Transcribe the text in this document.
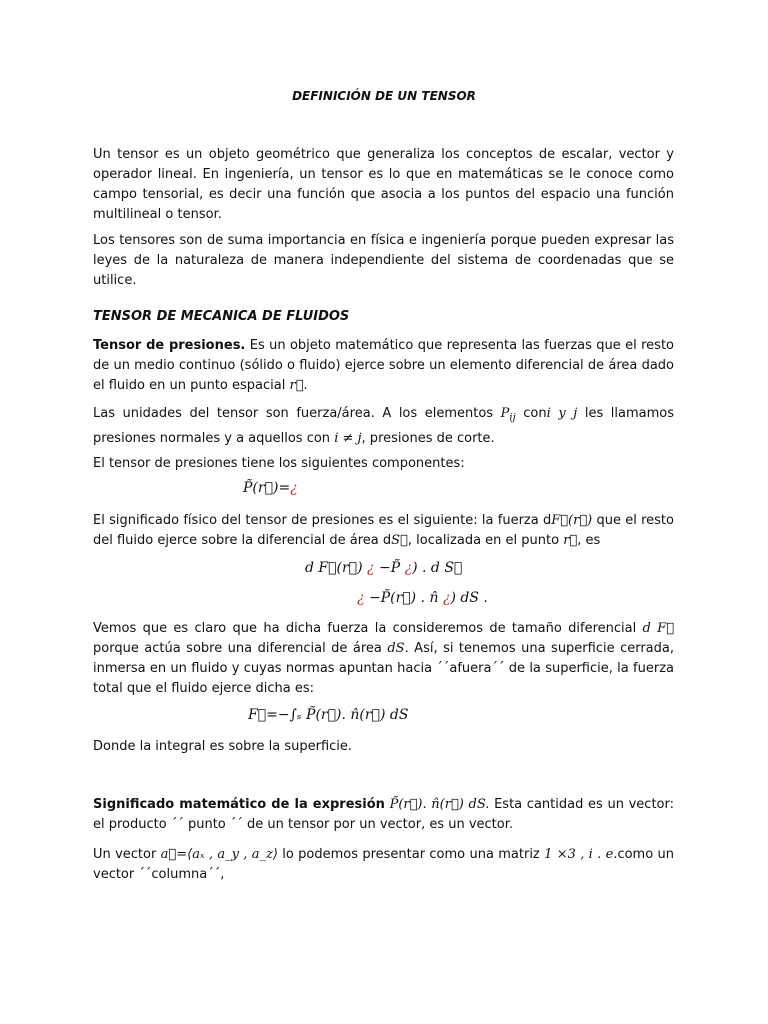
DEFINICIÓN DE UN TENSOR
Un tensor es un objeto geométrico que generaliza los conceptos de escalar, vector y operador lineal. En ingeniería, un tensor es lo que en matemáticas se le conoce como campo tensorial, es decir una función que asocia a los puntos del espacio una función multilineal o tensor.
Los tensores son de suma importancia en física e ingeniería porque pueden expresar las leyes de la naturaleza de manera independiente del sistema de coordenadas que se utilice.
TENSOR DE MECANICA DE FLUIDOS
Tensor de presiones. Es un objeto matemático que representa las fuerzas que el resto de un medio continuo (sólido o fluido) ejerce sobre un elemento diferencial de área dado el fluido en un punto espacial r⃗.
Las unidades del tensor son fuerza/área. A los elementos $P_{ij}$ coni y j les llamamos presiones normales y a aquellos con i ≠ j, presiones de corte.
El tensor de presiones tiene los siguientes componentes:
P̃(r⃗)=¿
El significado físico del tensor de presiones es el siguiente: la fuerza dF⃗(r⃗) que el resto del fluido ejerce sobre la diferencial de área dS⃗, localizada en el punto r⃗, es
d F⃗(r⃗) ¿ −P̃ ¿) . d S⃗
¿ −P̃(r⃗) . n̂ ¿) dS .
Vemos que es claro que ha dicha fuerza la consideremos de tamaño diferencial d F⃗ porque actúa sobre una diferencial de área dS. Así, si tenemos una superficie cerrada, inmersa en un fluido y cuyas normas apuntan hacia ´´afuera´´ de la superficie, la fuerza total que el fluido ejerce dicha es:
F⃗=−∫ₛ P̃(r⃗). n̂(r⃗) dS
Donde la integral es sobre la superficie.
Significado matemático de la expresión P̃(r⃗). n̂(r⃗) dS. Esta cantidad es un vector: el producto ´´ punto ´´ de un tensor por un vector, es un vector.
Un vector a⃗=⟨aₓ , a_y , a_z⟩ lo podemos presentar como una matriz 1 ×3 , i . e.como un vector ´´columna´´,
